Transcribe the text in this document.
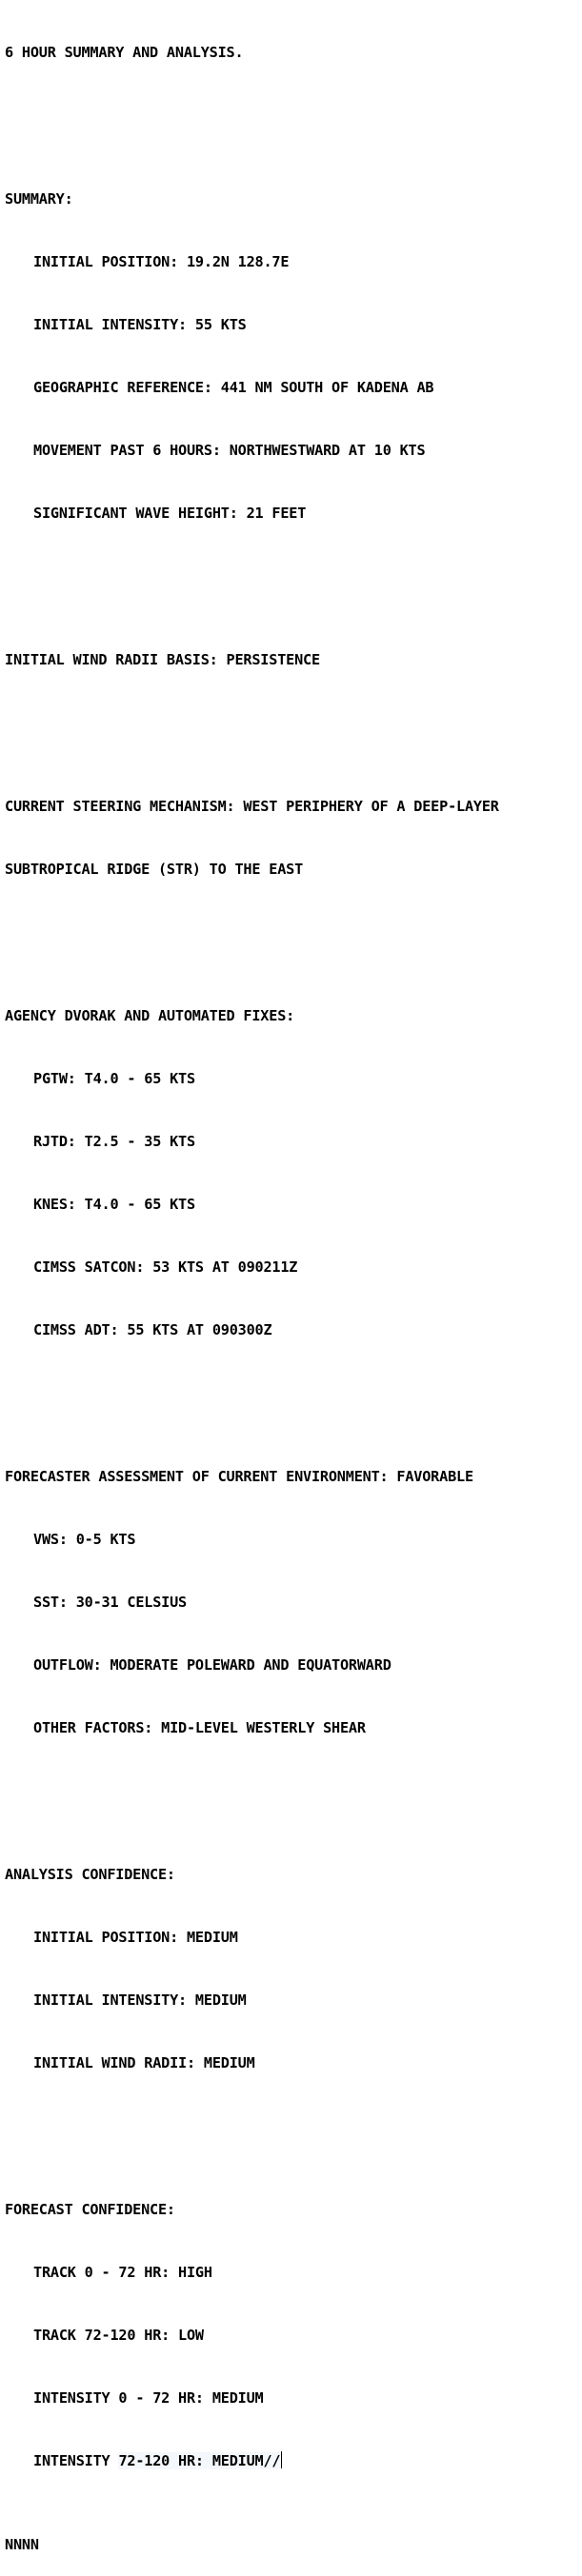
6 HOUR SUMMARY AND ANALYSIS.

SUMMARY:

INITIAL POSITION: 19.2N 128.7E

INITIAL INTENSITY: 55 KTS

GEOGRAPHIC REFERENCE: 441 NM SOUTH OF KADENA AB

MOVEMENT PAST 6 HOURS: NORTHWESTWARD AT 10 KTS

SIGNIFICANT WAVE HEIGHT: 21 FEET

INITIAL WIND RADII BASIS: PERSISTENCE

CURRENT STEERING MECHANISM: WEST PERIPHERY OF A DEEP-LAYER

SUBTROPICAL RIDGE (STR) TO THE EAST

AGENCY DVORAK AND AUTOMATED FIXES:

PGTW: T4.0 - 65 KTS

RJTD: T2.5 - 35 KTS

KNES: T4.0 - 65 KTS

CIMSS SATCON: 53 KTS AT 090211Z

CIMSS ADT: 55 KTS AT 090300Z

FORECASTER ASSESSMENT OF CURRENT ENVIRONMENT: FAVORABLE

VWS: 0-5 KTS

SST: 30-31 CELSIUS

OUTFLOW: MODERATE POLEWARD AND EQUATORWARD

OTHER FACTORS: MID-LEVEL WESTERLY SHEAR

ANALYSIS CONFIDENCE:

INITIAL POSITION: MEDIUM

INITIAL INTENSITY: MEDIUM

INITIAL WIND RADII: MEDIUM

FORECAST CONFIDENCE:

TRACK 0 - 72 HR: HIGH

TRACK 72-120 HR: LOW

INTENSITY 0 - 72 HR: MEDIUM

INTENSITY 72-120 HR: MEDIUM//

NNNN
